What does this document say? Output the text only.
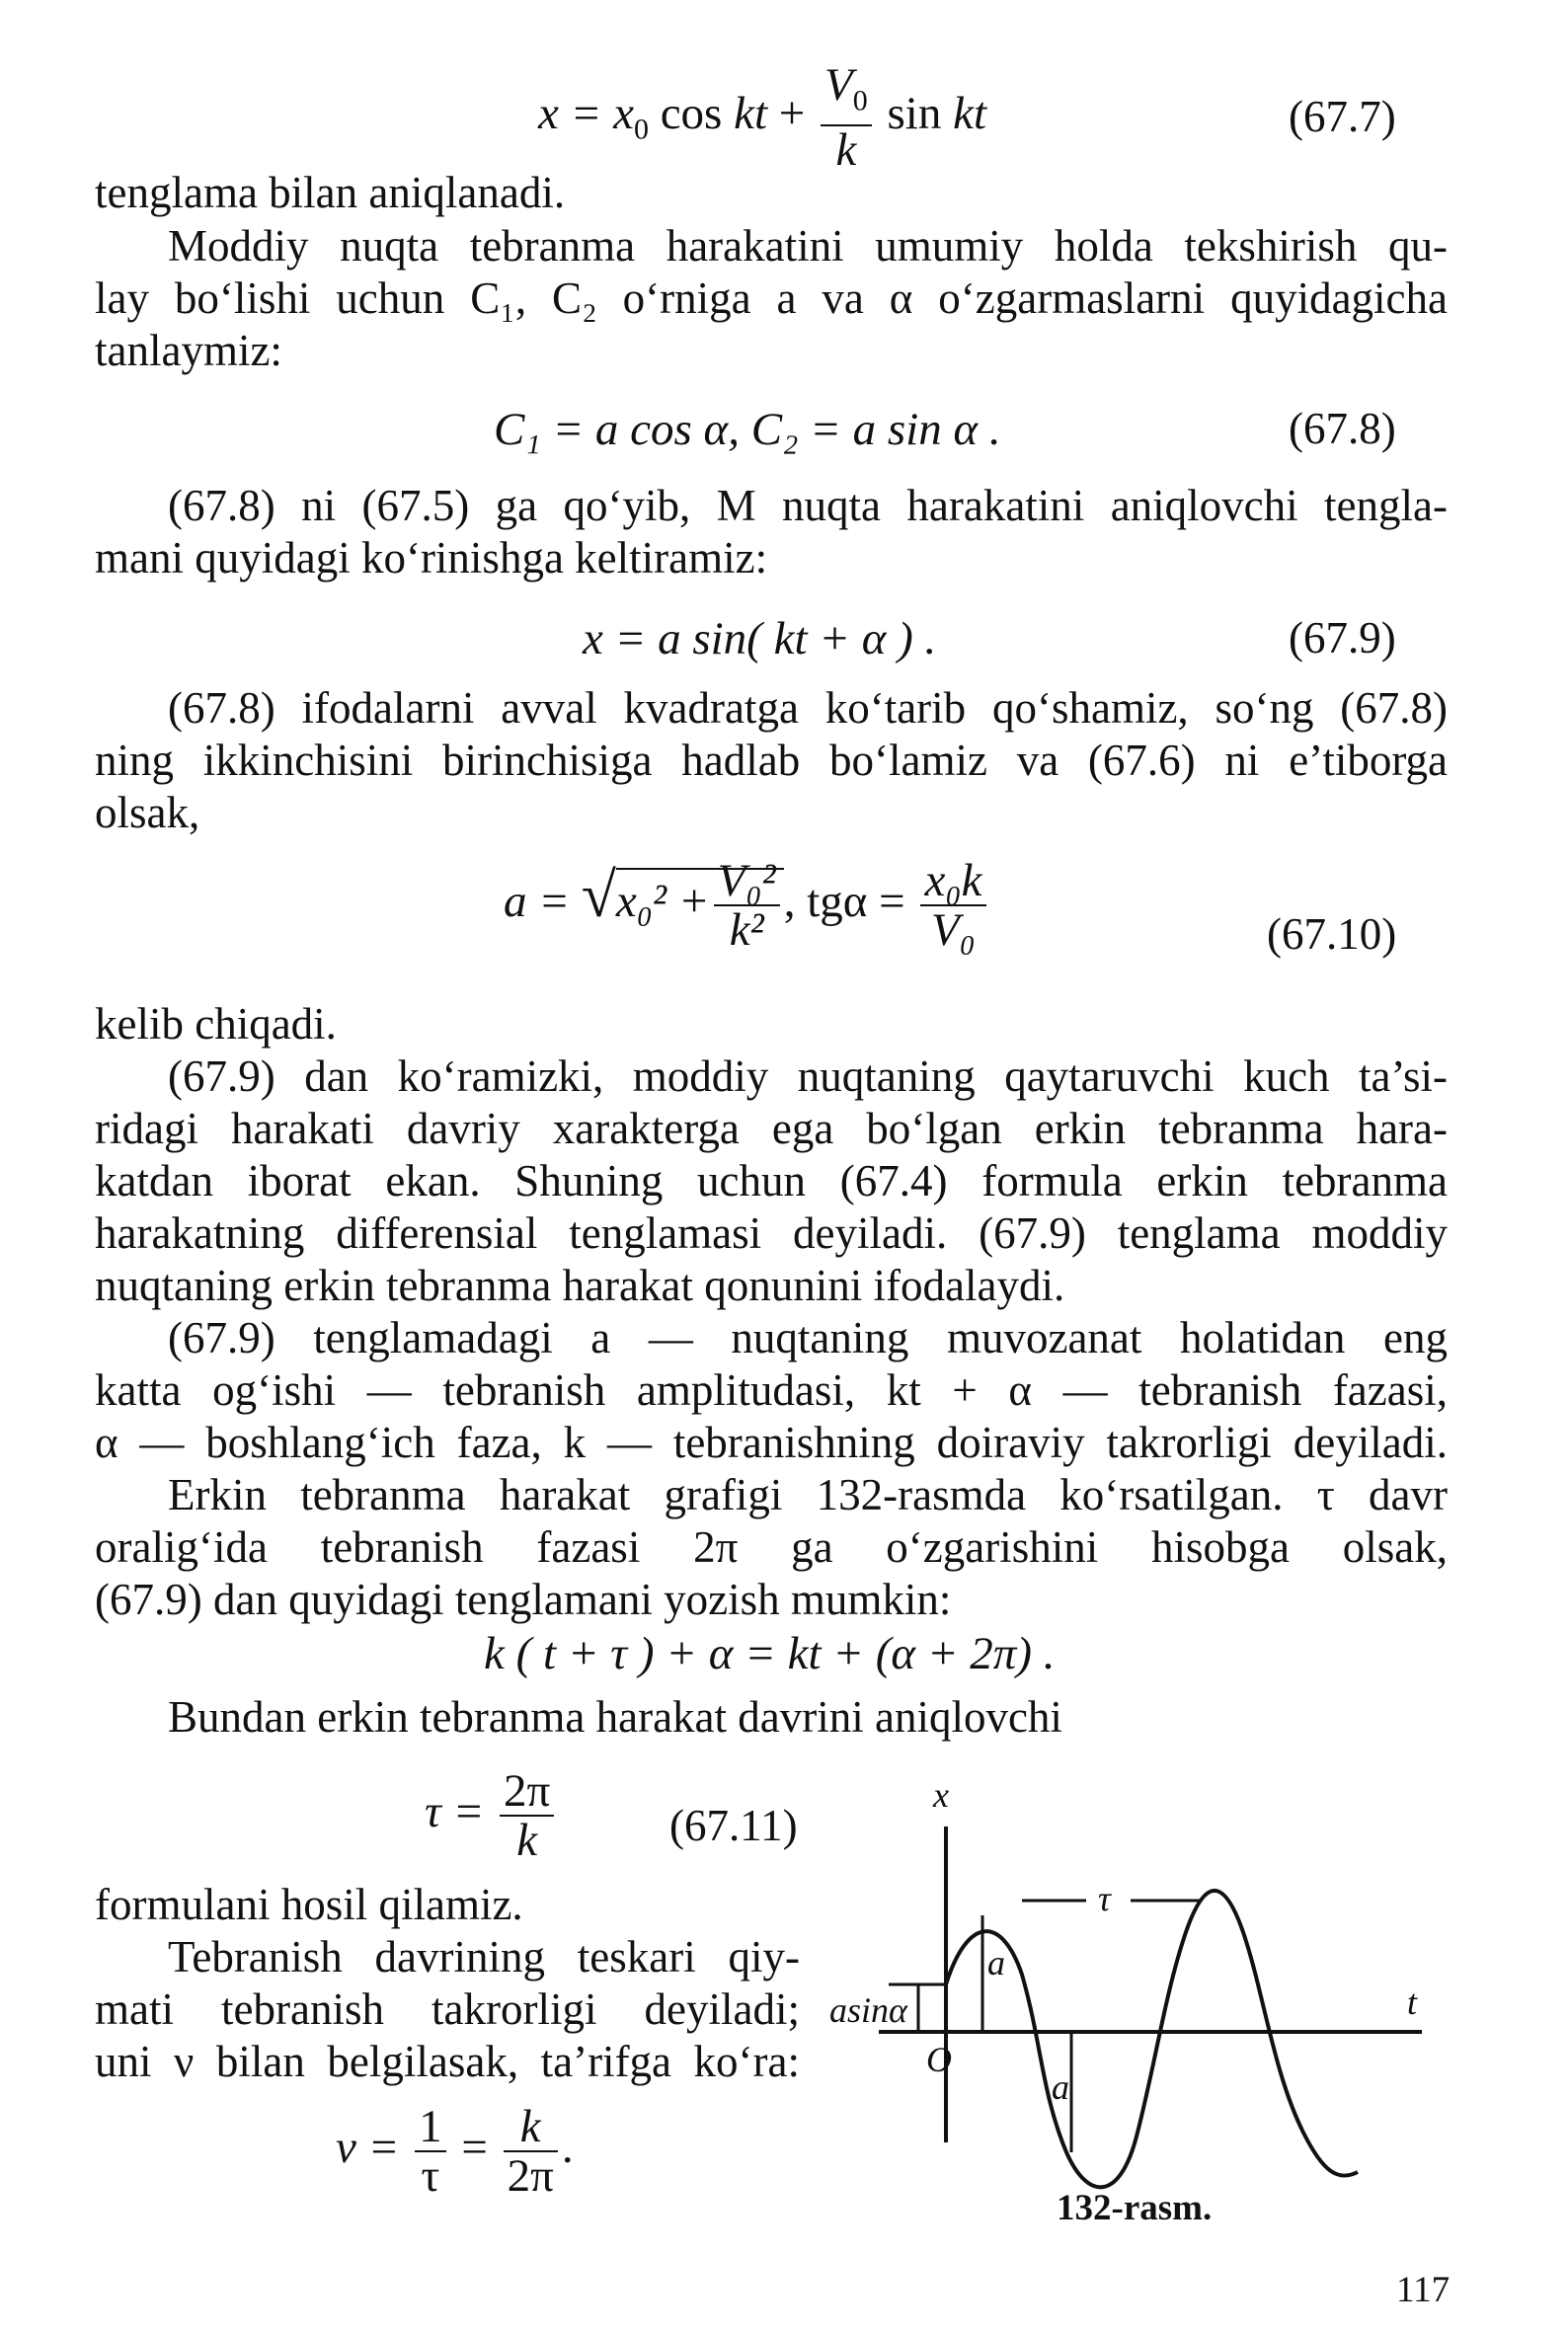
$x = x_0$ cos kt + $\frac{V_0}{k}$ sin kt	(67.7)
tenglama bilan aniqlanadi.
Moddiy nuqta tebranma harakatini umumiy holda tekshirish qu-
lay bo‘lishi uchun C₁, C₂ o‘rniga a va α o‘zgarmaslarni quyidagicha
tanlaymiz:
C₁ = a cos α, C₂ = a sin α .	(67.8)
(67.8) ni (67.5) ga qo‘yib, M nuqta harakatini aniqlovchi tengla-
mani quyidagi ko‘rinishga keltiramiz:
x = a sin( kt + α ) .	(67.9)
(67.8) ifodalarni avval kvadratga ko‘tarib qo‘shamiz, so‘ng (67.8)
ning ikkinchisini birinchisiga hadlab bo‘lamiz va (67.6) ni e’tiborga
olsak,
$a = √x_0^2 + \frac{\text{V₀²}}{\text{k²}}$ , $tg\alpha = \frac{\text{x₀k}}{\text{V₀}}$	(67.10)
kelib chiqadi.
(67.9) dan ko‘ramizki, moddiy nuqtaning qaytaruvchi kuch ta’si-
ridagi harakati davriy xarakterga ega bo‘lgan erkin tebranma hara-
katdan iborat ekan. Shuning uchun (67.4) formula erkin tebranma
harakatning differensial tenglamasi deyiladi. (67.9) tenglama moddiy
nuqtaning erkin tebranma harakat qonunini ifodalaydi.
(67.9) tenglamadagi a — nuqtaning muvozanat holatidan eng
katta og‘ishi — tebranish amplitudasi, kt + α — tebranish fazasi,
α — boshlang‘ich faza, k — tebranishning doiraviy takrorligi deyiladi.
Erkin tebranma harakat grafigi 132-rasmda ko‘rsatilgan. τ davr
oralig‘ida tebranish fazasi 2π ga o‘zgarishini hisobga olsak,
(67.9) dan quyidagi tenglamani yozish mumkin:
k ( t + τ ) + α = kt + (α + 2π) .
Bundan erkin tebranma harakat davrini aniqlovchi
$\tau = \frac{2\pi}{k}$	(67.11)
formulani hosil qilamiz.
Tebranish davrining teskari qiy-
mati tebranish takrorligi deyiladi;
uni ν bilan belgilasak, ta’rifga ko‘ra:
$\nu = \frac{1}{\tau} = \frac{k}{2\pi}$ .
x
t
O
τ
a
a
asinα
132-rasm.
117
